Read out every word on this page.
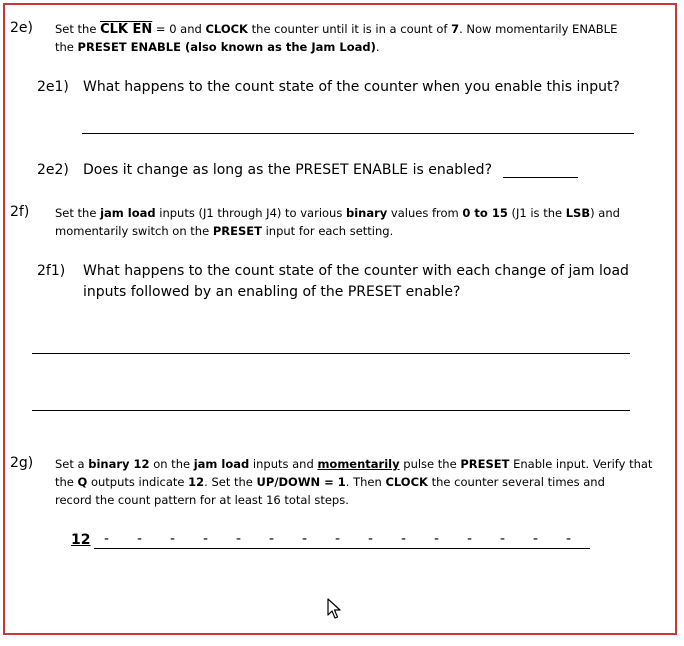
2e) Set the CLK EN = 0 and CLOCK the counter until it is in a count of 7. Now momentarily ENABLE
the PRESET ENABLE (also known as the Jam Load).
2e1) What happens to the count state of the counter when you enable this input?
2e2) Does it change as long as the PRESET ENABLE is enabled?
2f) Set the jam load inputs (J1 through J4) to various binary values from 0 to 15 (J1 is the LSB) and
momentarily switch on the PRESET input for each setting.
2f1) What happens to the count state of the counter with each change of jam load
inputs followed by an enabling of the PRESET enable?
2g) Set a binary 12 on the jam load inputs and momentarily pulse the PRESET Enable input. Verify that
the Q outputs indicate 12. Set the UP/DOWN = 1. Then CLOCK the counter several times and
record the count pattern for at least 16 total steps.
12 - - - - - - - - - - - - - - -
